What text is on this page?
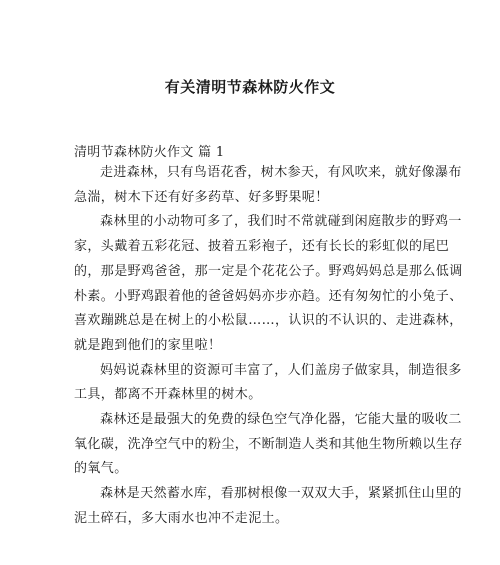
有关清明节森林防火作文
清明节森林防火作文 篇 1
走进森林，只有鸟语花香，树木参天，有风吹来，就好像瀑布
急湍，树木下还有好多药草、好多野果呢！
森林里的小动物可多了，我们时不常就碰到闲庭散步的野鸡一
家，头戴着五彩花冠、披着五彩袍子，还有长长的彩虹似的尾巴
的，那是野鸡爸爸，那一定是个花花公子。野鸡妈妈总是那么低调
朴素。小野鸡跟着他的爸爸妈妈亦步亦趋。还有匆匆忙的小兔子、
喜欢蹦跳总是在树上的小松鼠……，认识的不认识的、走进森林，
就是跑到他们的家里啦！
妈妈说森林里的资源可丰富了，人们盖房子做家具，制造很多
工具，都离不开森林里的树木。
森林还是最强大的免费的绿色空气净化器，它能大量的吸收二
氧化碳，洗净空气中的粉尘，不断制造人类和其他生物所赖以生存
的氧气。
森林是天然蓄水库，看那树根像一双双大手，紧紧抓住山里的
泥土碎石，多大雨水也冲不走泥土。
